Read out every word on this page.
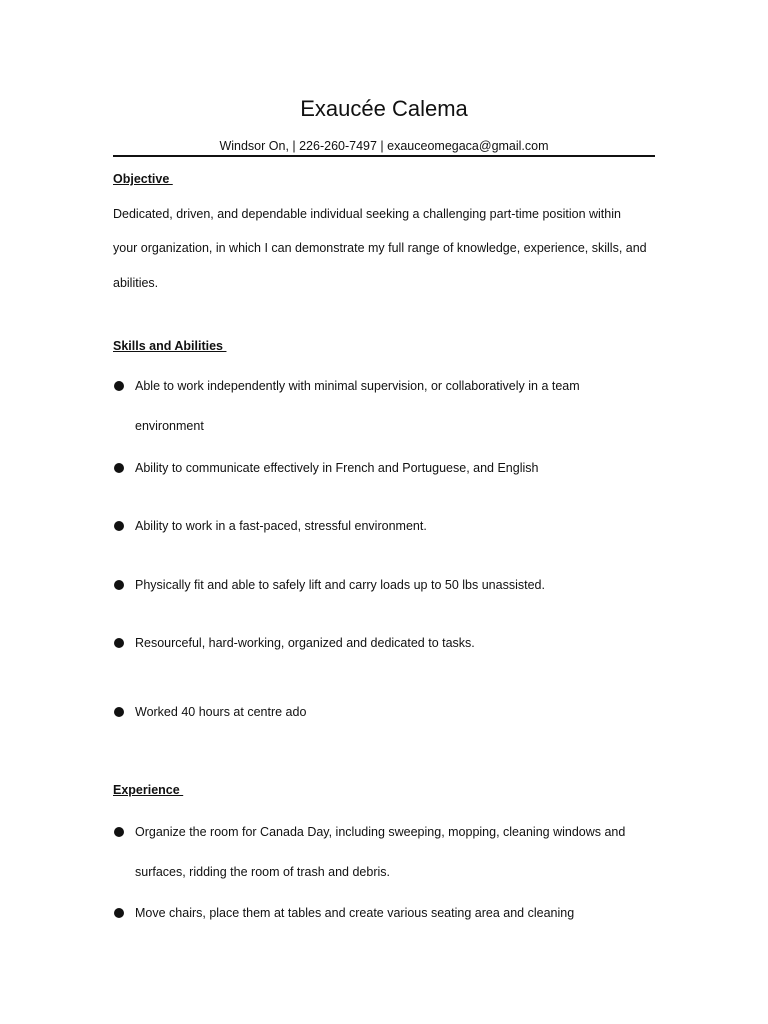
Exaucée Calema
Windsor On, | 226-260-7497 | exauceomegaca@gmail.com
Objective
Dedicated, driven, and dependable individual seeking a challenging part-time position within
your organization, in which I can demonstrate my full range of knowledge, experience, skills, and
abilities.
Skills and Abilities
Able to work independently with minimal supervision, or collaboratively in a team
environment
Ability to communicate effectively in French and Portuguese, and English
Ability to work in a fast-paced, stressful environment.
Physically fit and able to safely lift and carry loads up to 50 lbs unassisted.
Resourceful, hard-working, organized and dedicated to tasks.
Worked 40 hours at centre ado
Experience
Organize the room for Canada Day, including sweeping, mopping, cleaning windows and
surfaces, ridding the room of trash and debris.
Move chairs, place them at tables and create various seating area and cleaning
